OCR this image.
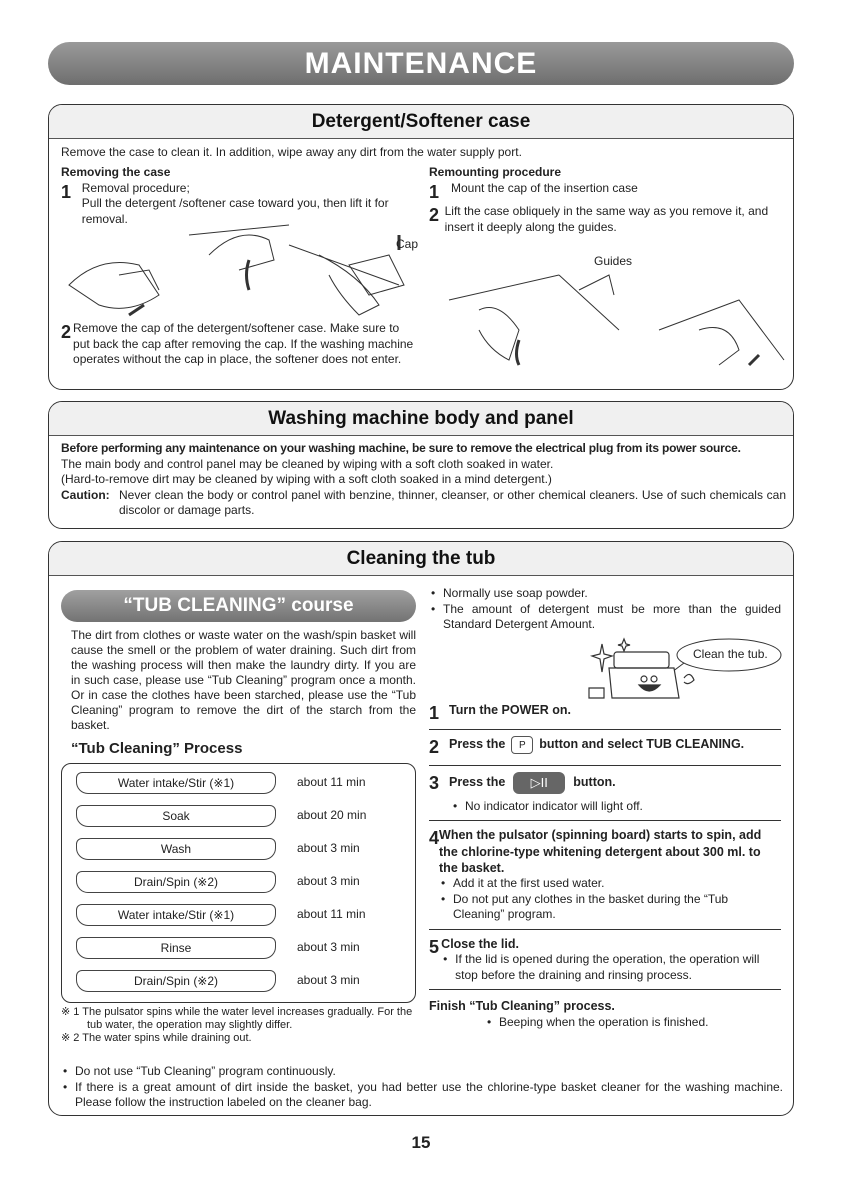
MAINTENANCE
Detergent/Softener case

Remove the case to clean it. In addition, wipe away any dirt from the water supply port.

Removing the case

1 Removal procedure;

Pull the detergent /softener case toward you, then lift it for removal.

Cap
2 Remove the cap of the detergent/softener case. Make sure to put back the cap after removing the cap. If the washing machine operates without the cap in place, the softener does not enter.

Remounting procedure

1 Mount the cap of the insertion case

2 Lift the case obliquely in the same way as you remove it, and insert it deeply along the guides.

Guides
Washing machine body and panel

Before performing any maintenance on your washing machine, be sure to remove the electrical plug from its power source.

The main body and control panel may be cleaned by wiping with a soft cloth soaked in water.

(Hard-to-remove dirt may be cleaned by wiping with a soft cloth soaked in a mind detergent.)

Caution: Never clean the body or control panel with benzine, thinner, cleanser, or other chemical cleaners. Use of such chemicals can discolor or damage parts.

Cleaning the tub
“TUB CLEANING” course

The dirt from clothes or waste water on the wash/spin basket will cause the smell or the problem of water draining. Such dirt from the washing process will then make the laundry dirty. If you are in such case, please use “Tub Cleaning” program once a month. Or in case the clothes have been starched, please use the “Tub Cleaning” program to remove the dirt of the starch from the basket.

“Tub Cleaning” Process

Water intake/Stir (※1)	about 11 min
Soak	about 20 min
Wash	about 3 min
Drain/Spin (※2)	about 3 min
Water intake/Stir (※1)	about 11 min
Rinse	about 3 min
Drain/Spin (※2)	about 3 min

※ 1 The pulsator spins while the water level increases gradually. For the tub water, the operation may slightly differ.

※ 2 The water spins while draining out.

• Normally use soap powder.

• The amount of detergent must be more than the guided Standard Detergent Amount.

Clean the tub.
1 Turn the POWER on.
2 Press the P button and select TUB CLEANING.
3 Press the ▷II button.

• No indicator indicator will light off.

4 When the pulsator (spinning board) starts to spin, add the chlorine-type whitening detergent about 300 ml. to the basket.

• Add it at the first used water.

• Do not put any clothes in the basket during the “Tub Cleaning” program.

5 Close the lid.

• If the lid is opened during the operation, the operation will stop before the draining and rinsing process.

Finish “Tub Cleaning” process.

• Beeping when the operation is finished.

• Do not use “Tub Cleaning” program continuously.

• If there is a great amount of dirt inside the basket, you had better use the chlorine-type basket cleaner for the washing machine. Please follow the instruction labeled on the cleaner bag.

15
